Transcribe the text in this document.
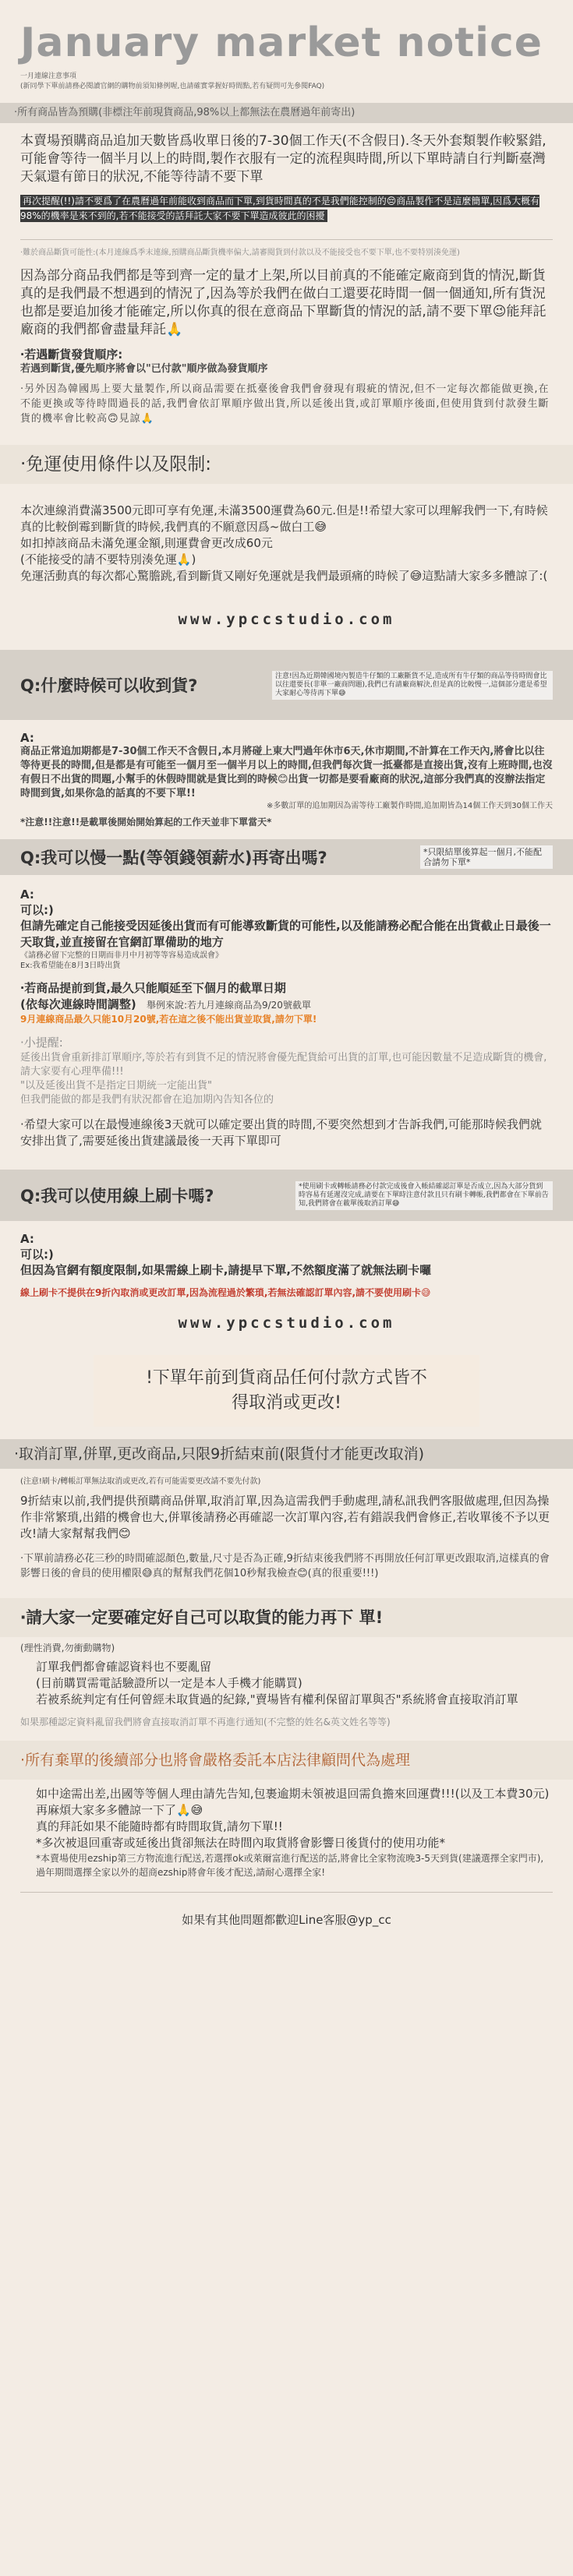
January market notice
一月連線注意事項
(新同學下單前請務必閱讀官網的購物前須知條例喔,也請確實掌握好時間點,若有疑問可先參閱FAQ)
‧所有商品皆為預購(非標注年前現貨商品,98%以上都無法在農曆過年前寄出)
本賣場預購商品追加天數皆爲收單日後的7-30個工作天(不含假日).冬天外套類製作較緊錯,可能會等待一個半月以上的時間,製作衣服有一定的流程與時間,所以下單時請自行判斷臺灣天氣還有節日的狀況,不能等待請不要下單
再次提醒(!!)請不要爲了在農曆過年前能收到商品而下單,到貨時間真的不是我們能控制的😔商品製作不是這麼簡單,因爲大概有98%的機率是來不到的,若不能接受的話拜託大家不要下單造成彼此的困擾
‧難於商品斷貨可能性:(本月連線爲季末連線,預購商品斷貨機率偏大,請審閱貨到付款以及不能接受也不要下單,也不要特別湊免運)
因為部分商品我們都是等到齊一定的量才上架,所以目前真的不能確定廠商到貨的情況,斷貨真的是我們最不想遇到的情況了,因為等於我們在做白工還要花時間一個一個通知,所有貨況也都是要追加後才能確定,所以你真的很在意商品下單斷貨的情況的話,請不要下單😉能拜託廠商的我們都會盡量拜託🙏
‧若遇斷貨發貨順序:
若遇到斷貨,優先順序將會以"已付款"順序做為發貨順序
‧另外因為韓國馬上要大量製作,所以商品需要在抵臺後會我們會發現有瑕疵的情況,但不一定每次都能做更換,在不能更換或等待時間過長的話,我們會依訂單順序做出貨,所以延後出貨,或訂單順序後面,但使用貨到付款發生斷貨的機率會比較高🙃見諒🙏
‧免運使用條件以及限制:
本次連線消費滿3500元即可享有免運,未滿3500運費為60元.但是!!希望大家可以理解我們一下,有時候真的比較倒霉到斷貨的時候,我們真的不願意因爲~做白工😅
如扣掉該商品未滿免運金額,則運費會更改成60元
(不能接受的請不要特別湊免運🙏)
免運活動真的每次都心驚膽跳,看到斷貨又剛好免運就是我們最頭痛的時候了😅這點請大家多多體諒了:(
www.ypccstudio.com
Q:什麼時候可以收到貨?
注意!因為近期韓國境內製造牛仔類的工廠斷貨不足,造成所有牛仔類的商品等待時間會比以往還要長(非單一廠商問題),我們已有請廠商解決,但是真的比較慢一,這個部分還是希望大家耐心等待再下單😅
A:
商品正常追加期都是7-30個工作天不含假日,本月將碰上東大門過年休市6天,休市期間,不計算在工作天內,將會比以往等待更長的時間,但是都是有可能至一個月至一個半月以上的時間,但我們每次貨一抵臺都是直接出貨,沒有上班時間,也沒有假日不出貨的問題,小幫手的休假時間就是貨比到的時候😊出貨一切都是要看廠商的狀況,這部分我們真的沒辦法指定時間到貨,如果你急的話真的不要下單!!
※多數訂單的追加期因為需等待工廠製作時間,追加期皆為14個工作天到30個工作天
*注意!!注意!!是載單後開始開始算起的工作天並非下單當天*
Q:我可以慢一點(等領錢領薪水)再寄出嗎?	*只限結單後算起一個月,不能配合請勿下單*
A:
可以:)
但請先確定自己能接受因延後出貨而有可能導致斷貨的可能性,以及能請務必配合能在出貨截止日最後一天取貨,並直接留在官網訂單備助的地方
《請務必留下完整的日期而非月中月初等等容易造成誤會》
Ex:我希望能在8月3日時出貨
‧若商品提前到貨,最久只能順延至下個月的截單日期
(依每次連線時間調整) 舉例來說:若九月連線商品為9/20號截單
9月連線商品最久只能10月20號,若在這之後不能出貨並取貨,請勿下單!
‧小提醒:
延後出貨會重新排訂單順序,等於若有到貨不足的情況將會優先配貨給可出貨的訂單,也可能因數量不足造成斷貨的機會,請大家要有心理準備!!!
"以及延後出貨不是指定日期統一定能出貨"
但我們能做的都是我們有狀況都會在追加期內告知各位的
‧希望大家可以在最慢連線後3天就可以確定要出貨的時間,不要突然想到才告訴我們,可能那時候我們就安排出貨了,需要延後出貨建議最後一天再下單即可
Q:我可以使用線上刷卡嗎?
*使用刷卡或轉帳請務必付款完成後會入帳結確認訂單是否成立,因為大部分貨到時容易有延遲沒完成,請要在下單時注意付款且只有刷卡轉帳,我們都會在下單前告知,我們將會在載單後取消訂單😅
A:
可以:)
但因為官網有額度限制,如果需線上刷卡,請提早下單,不然額度滿了就無法刷卡囉
線上刷卡不提供在9折內取消或更改訂單,因為流程過於繁瑣,若無法確認訂單內容,請不要使用刷卡😅
www.ypccstudio.com
!下單年前到貨商品任何付款方式皆不
得取消或更改!
‧取消訂單,併單,更改商品,只限9折結束前(限貨付才能更改取消)
(注意!刷卡/轉帳訂單無法取消或更改,若有可能需要更改請不要先付款)
9折結束以前,我們提供預購商品併單,取消訂單,因為這需我們手動處理,請私訊我們客服做處理,但因為操作非常繁瑣,出錯的機會也大,併單後請務必再確認一次訂單內容,若有錯誤我們會修正,若收單後不予以更改!請大家幫幫我們😊
‧下單前請務必花三秒的時間確認顏色,數量,尺寸是否為正確,9折結束後我們將不再開放任何訂單更改跟取消,這樣真的會影響日後的會員的使用權限😅真的幫幫我們花個10秒幫我檢查😊(真的很重要!!!)
‧請大家一定要確定好自己可以取貨的能力再下 單!
(理性消費,勿衝動購物)
訂單我們都會確認資料也不要亂留
(目前購買需電話驗證所以一定是本人手機才能購買)
若被系統判定有任何曾經未取貨過的紀錄,"賣場皆有權利保留訂單與否"系統將會直接取消訂單
如果那種認定資料亂留我們將會直接取消訂單不再進行通知(不完整的姓名&英文姓名等等)
‧所有棄單的後續部分也將會嚴格委託本店法律顧問代為處理
如中途需出差,出國等等個人理由請先告知,包裹逾期未領被退回需負擔來回運費!!!(以及工本費30元)
再麻煩大家多多體諒一下了🙏😅
真的拜託如果不能隨時都有時間取貨,請勿下單!!
*多次被退回重寄或延後出貨卻無法在時間內取貨將會影響日後貨付的使用功能*
*本賣場使用ezship第三方物流進行配送,若選擇ok或萊爾富進行配送的話,將會比全家物流晚3-5天到貨(建議選擇全家門市),過年期間選擇全家以外的超商ezship將會年後才配送,請耐心選擇全家!
如果有其他問題都歡迎Line客服@yp_cc
